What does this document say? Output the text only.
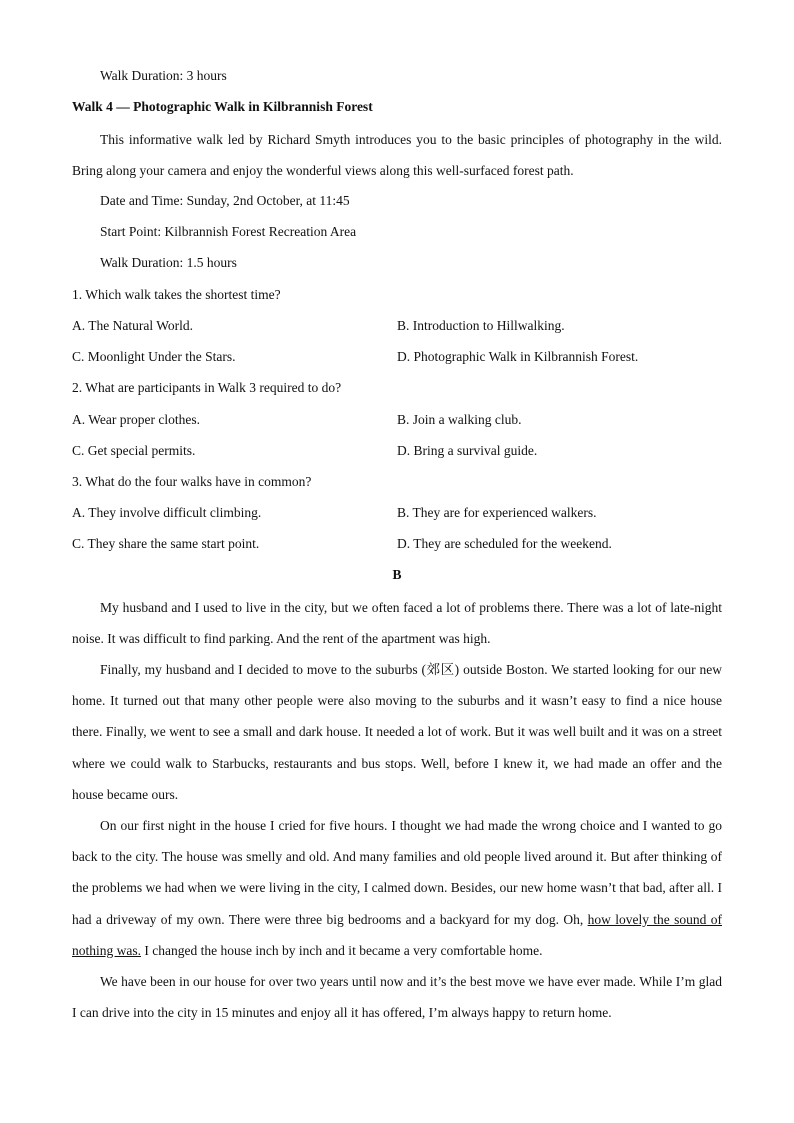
Walk Duration: 3 hours
Walk 4 — Photographic Walk in Kilbrannish Forest
This informative walk led by Richard Smyth introduces you to the basic principles of photography in the wild. Bring along your camera and enjoy the wonderful views along this well-surfaced forest path.
Date and Time: Sunday, 2nd October, at 11:45
Start Point: Kilbrannish Forest Recreation Area
Walk Duration: 1.5 hours
1. Which walk takes the shortest time?
A. The Natural World.	B. Introduction to Hillwalking.
C. Moonlight Under the Stars.	D. Photographic Walk in Kilbrannish Forest.
2. What are participants in Walk 3 required to do?
A. Wear proper clothes.	B. Join a walking club.
C. Get special permits.	D. Bring a survival guide.
3. What do the four walks have in common?
A. They involve difficult climbing.	B. They are for experienced walkers.
C. They share the same start point.	D. They are scheduled for the weekend.
B
My husband and I used to live in the city, but we often faced a lot of problems there. There was a lot of late-night noise. It was difficult to find parking. And the rent of the apartment was high.
Finally, my husband and I decided to move to the suburbs (郊区) outside Boston. We started looking for our new home. It turned out that many other people were also moving to the suburbs and it wasn’t easy to find a nice house there. Finally, we went to see a small and dark house. It needed a lot of work. But it was well built and it was on a street where we could walk to Starbucks, restaurants and bus stops. Well, before I knew it, we had made an offer and the house became ours.
On our first night in the house I cried for five hours. I thought we had made the wrong choice and I wanted to go back to the city. The house was smelly and old. And many families and old people lived around it. But after thinking of the problems we had when we were living in the city, I calmed down. Besides, our new home wasn’t that bad, after all. I had a driveway of my own. There were three big bedrooms and a backyard for my dog. Oh, how lovely the sound of nothing was. I changed the house inch by inch and it became a very comfortable home.
We have been in our house for over two years until now and it’s the best move we have ever made. While I’m glad I can drive into the city in 15 minutes and enjoy all it has offered, I’m always happy to return home.
